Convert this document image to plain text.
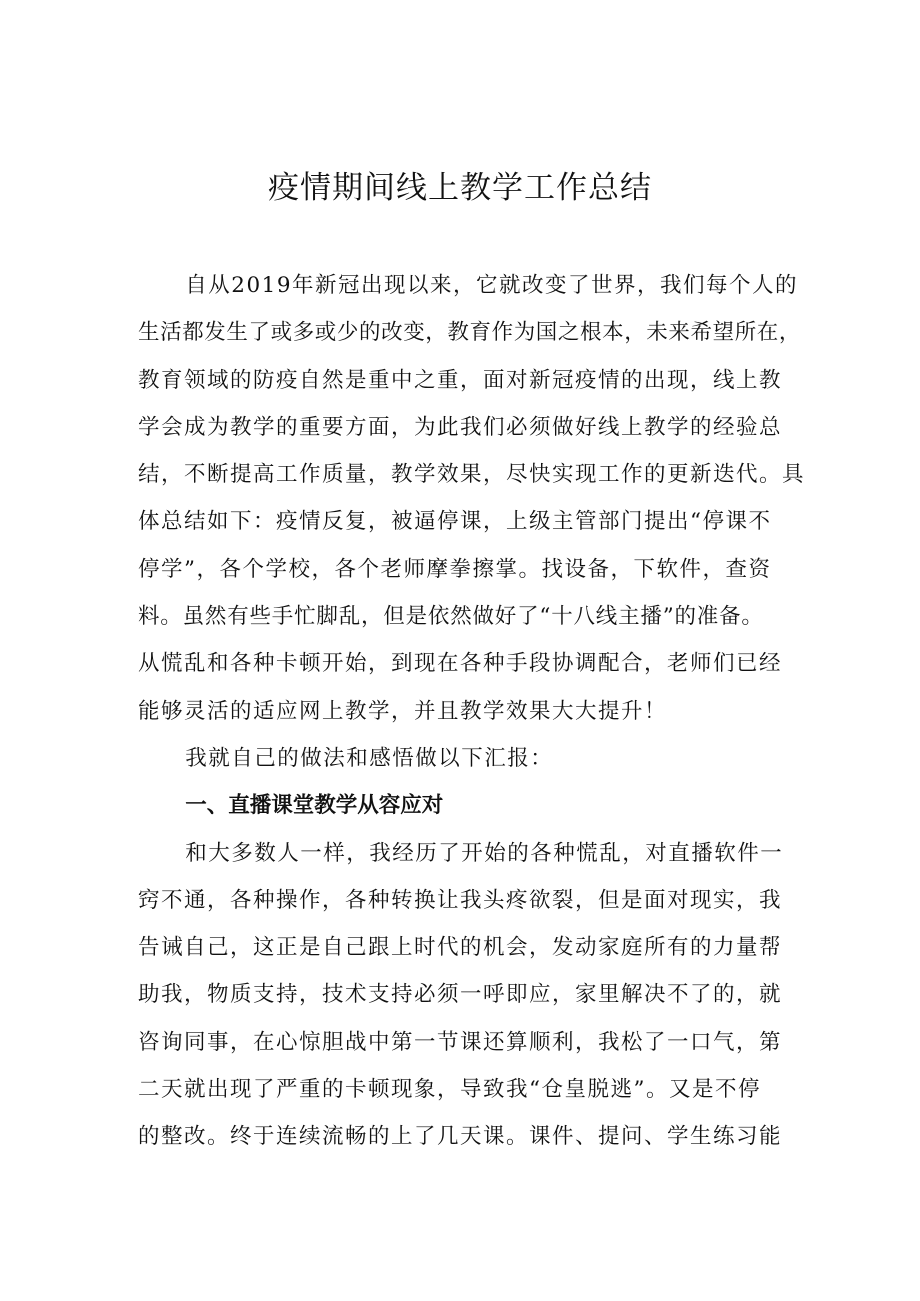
疫情期间线上教学工作总结

自从2019年新冠出现以来，它就改变了世界，我们每个人的
生活都发生了或多或少的改变，教育作为国之根本，未来希望所在，
教育领域的防疫自然是重中之重，面对新冠疫情的出现，线上教
学会成为教学的重要方面，为此我们必须做好线上教学的经验总
结，不断提高工作质量，教学效果，尽快实现工作的更新迭代。具
体总结如下：疫情反复，被逼停课，上级主管部门提出“停课不
停学”，各个学校，各个老师摩拳擦掌。找设备，下软件，查资
料。虽然有些手忙脚乱，但是依然做好了“十八线主播”的准备。
从慌乱和各种卡顿开始，到现在各种手段协调配合，老师们已经
能够灵活的适应网上教学，并且教学效果大大提升！

我就自己的做法和感悟做以下汇报：

一、直播课堂教学从容应对

和大多数人一样，我经历了开始的各种慌乱，对直播软件一
窍不通，各种操作，各种转换让我头疼欲裂，但是面对现实，我
告诫自己，这正是自己跟上时代的机会，发动家庭所有的力量帮
助我，物质支持，技术支持必须一呼即应，家里解决不了的，就
咨询同事，在心惊胆战中第一节课还算顺利，我松了一口气，第
二天就出现了严重的卡顿现象，导致我“仓皇脱逃”。又是不停
的整改。终于连续流畅的上了几天课。课件、提问、学生练习能
